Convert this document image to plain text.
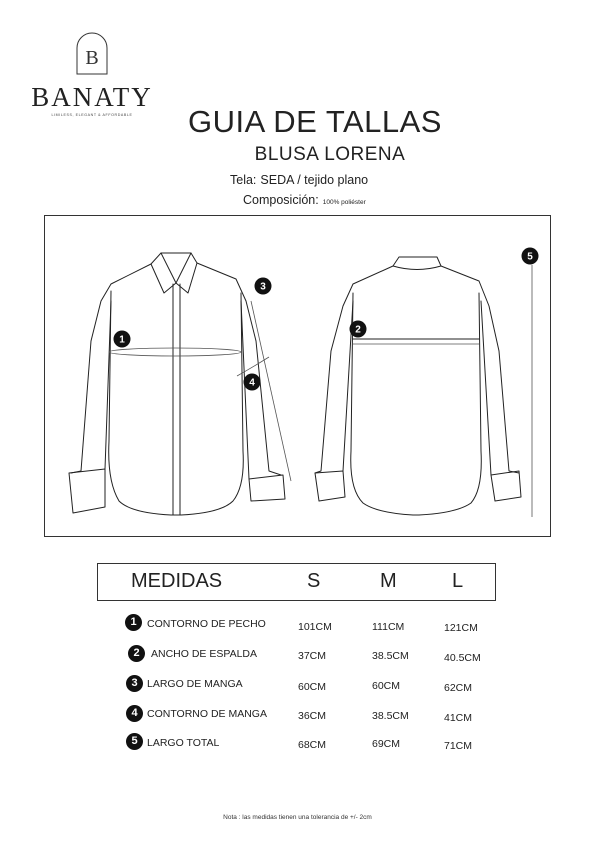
B
BANATY
LIMILESS, ELEGANT & AFFORDABLE	GUIA DE TALLAS
BLUSA LORENA
Tela: SEDA / tejido plano
Composición: 100% poliéster
1
2
3
4
5
MEDIDAS	S	M	L
1 CONTORNO DE PECHO	101CM	111CM	121CM
2	ANCHO DE ESPALDA	37CM	38.5CM	40.5CM
3 LARGO DE MANGA	60CM	60CM	62CM
4 CONTORNO DE MANGA	36CM	38.5CM	41CM
5 LARGO TOTAL	68CM	69CM	71CM
Nota : las medidas tienen una tolerancia de +/- 2cm
